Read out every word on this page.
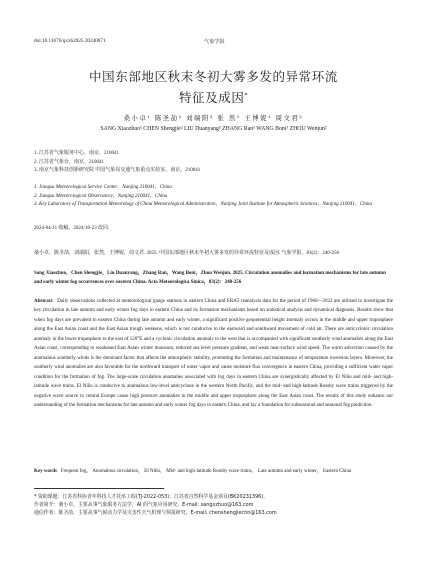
doi:10.11676/qxxb2025.20240071	气象学报
中国东部地区秋末冬初大雾多发的异常环流
特征及成因*
桑小卓¹ 陈圣劼² 刘端阳³ 张 然¹ 王博妮¹ 周文君²
SANG Xiaozhuo¹ CHEN Shengjie² LIU Duanyang³ ZHANG Ran¹ WANG Boni¹ ZHOU Wenjun²
1. 江苏省气象服务中心，南京，210041
2. 江苏省气象台，南京，210041
3. 南京气象科技创新研究院 中国气象局交通气象重点实验室，南京，210041
1. Jiangsu Meteorological Service Center，Nanjing 210041，China
2. Jiangsu Meteorological Observatory，Nanjing 210041，China
3. Key Laboratory of Transportation Meteorology of China Meteorological Administration，Nanjing Joint Institute for Atmospheric Sciences，Nanjing 210041，China
2024-04-11 收稿，2024-10-23 改回.
桑小卓，陈圣劼，刘端阳，张然，王博妮，周文君. 2025. 中国东部地区秋末冬初大雾多发的异常环流特征及成因. 气象学报，83(2)：240-256
Sang Xiaozhuo，Chen Shengjie，Liu Duanyang，Zhang Ran，Wang Boni，Zhou Wenjun. 2025. Circulation anomalies and formation mechanisms for late autumn and early winter fog occurrences over eastern China. Acta Meteorologica Sinica，83(2)：240-256
Abstract Daily observations collected at meteorological gauge stations in eastern China and ERA5 reanalysis data for the period of 1960—2022 are utilized to investigate the key circulation in late autumn and early winter fog days in eastern China and its formation mechanisms based on statistical analysis and dynamical diagnosis. Results show that when fog days are prevalent in eastern China during late autumn and early winter, a significant positive geopotential height anomaly occurs in the middle and upper troposphere along the East Asian coast and the East Asian trough weakens, which is not conducive to the eastward and southward movement of cold air. There are anticyclonic circulation anomaly in the lower troposphere to the east of 120°E and a cyclonic circulation anomaly to the west that is accompanied with significant southerly wind anomalies along the East Asian coast, corresponding to weakened East Asian winter monsoon, reduced sea level pressure gradient, and weak near-surface wind speed. The warm advection caused by the anomalous southerly winds is the dominant factor that affects the atmospheric stability, promoting the formation and maintenance of temperature inversion layers. Moreover, the southerly wind anomalies are also favorable for the northward transport of water vapor and cause moisture flux convergence in eastern China, providing a sufficient water vapor condition for the formation of fog. The large-scale circulation anomalies associated with fog days in eastern China are synergistically affected by El Niño and mid- and high-latitude wave trains. El Niño is conducive to anomalous low-level anticyclone in the western North Pacific, and the mid- and high-latitude Rossby wave trains triggered by the negative wave source in central Europe cause high pressure anomalies in the middle and upper troposphere along the East Asian coast. The results of this study enhance our understanding of the formation mechanisms for late autumn and early winter fog days in eastern China, and lay a foundation for subseasonal and seasonal fog prediction.
Key words Frequent fog， Anomalous circulation， El Niño， Mid- and high-latitude Rossby wave trains， Late autumn and early winter， Eastern China
* 资助课题：江苏省科协青年科技人才托举工程(TJ-2022-053)；江苏省自然科学基金项目(BK20231396)。
作者简介：桑小卓，主要从事气象服务方法学，AI 的气象应用研究。E-mail: sangxzhuo@163.com
通信作者：陈圣劼，主要从事气候动力学及灾害性天气机理与预报研究。E-mail: chenshengjiechn@163.com
